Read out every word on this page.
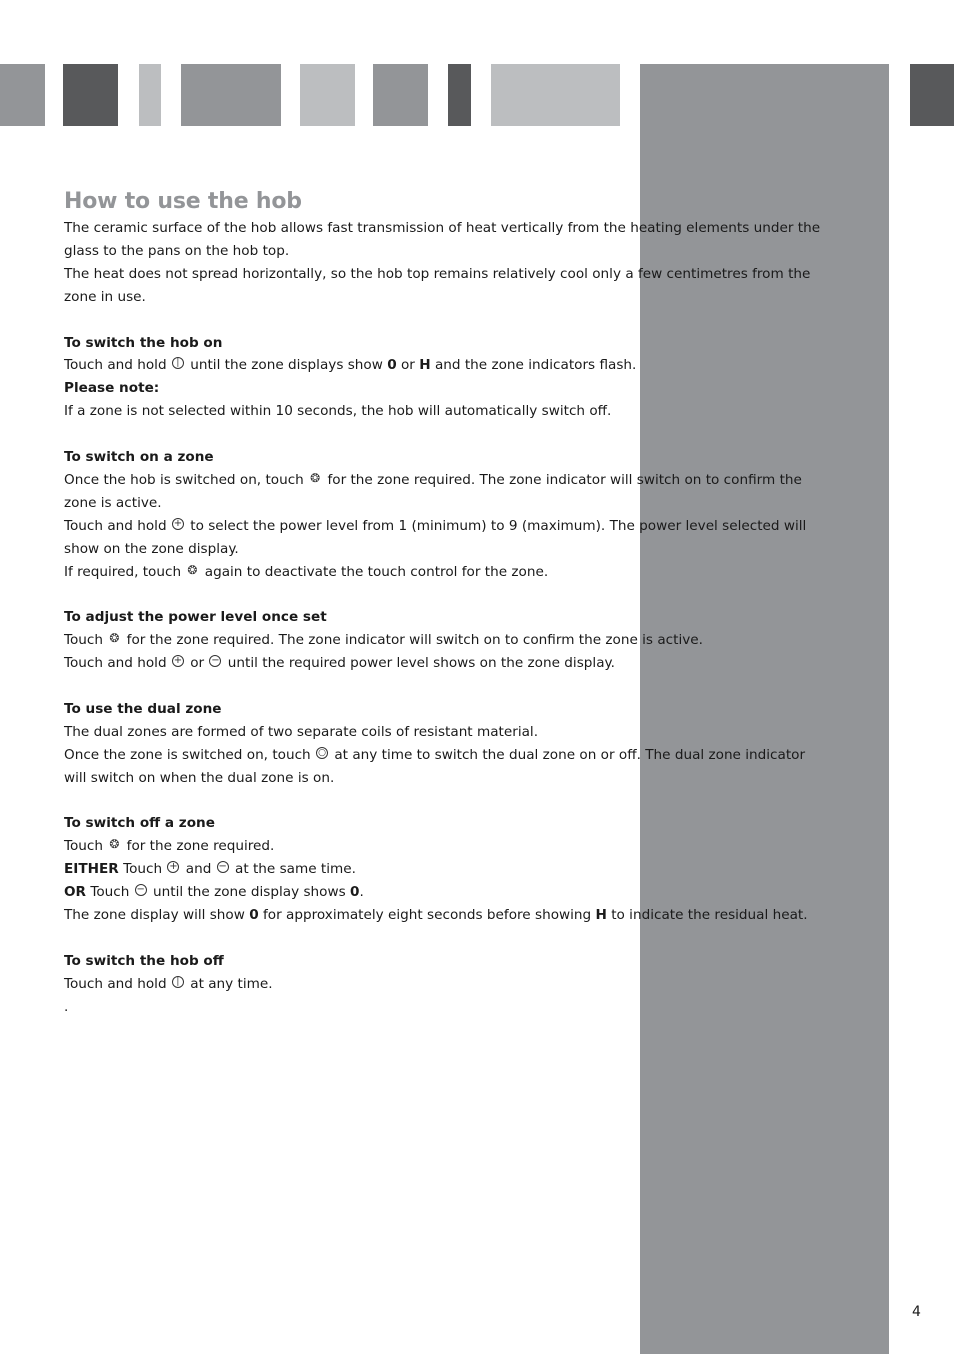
How to use the hob

The ceramic surface of the hob allows fast transmission of heat vertically from the heating elements under the glass to the pans on the hob top.

The heat does not spread horizontally, so the hob top remains relatively cool only a few centimetres from the zone in use.

To switch the hob on

Touch and hold	∣ until the zone displays show 0 or H and the zone indicators flash.

Please note:

If a zone is not selected within 10 seconds, the hob will automatically switch off.

To switch on a zone

Once the hob is switched on, touch ❂ for the zone required. The zone indicator will switch on to confirm the zone is active.

Touch and hold + to select the power level from 1 (minimum) to 9 (maximum). The power level selected will show on the zone display.

If required, touch ❂ again to deactivate the touch control for the zone.

To adjust the power level once set

Touch ❂ for the zone required. The zone indicator will switch on to confirm the zone is active.

Touch and hold + or − until the required power level shows on the zone display.

To use the dual zone

The dual zones are formed of two separate coils of resistant material.

Once the zone is switched on, touch ○ at any time to switch the dual zone on or off. The dual zone indicator will switch on when the dual zone is on.

To switch off a zone

Touch ❂ for the zone required.

EITHER Touch + and − at the same time.

OR Touch − until the zone display shows 0.

The zone display will show 0 for approximately eight seconds before showing H to indicate the residual heat.

To switch the hob off

Touch and hold	∣ at any time.

.

4
